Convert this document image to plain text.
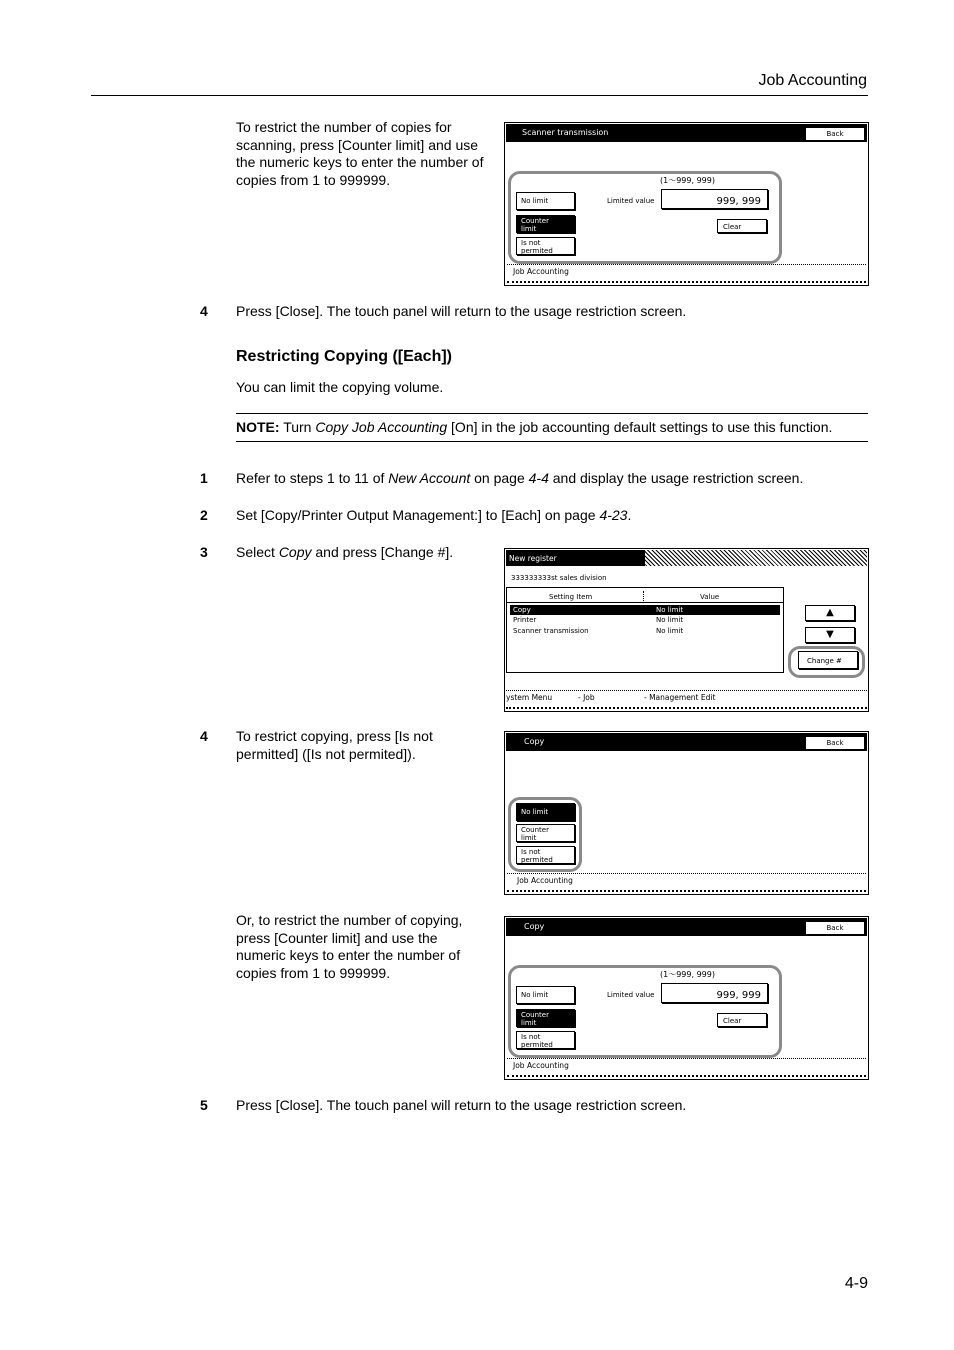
Job Accounting
To restrict the number of copies for scanning, press [Counter limit] and use the numeric keys to enter the number of copies from 1 to 999999.
Scanner transmission	Back
(1～999, 999)
No limit	Limited value	999, 999
Counter
limit	Clear
Is not
permited
Job Accounting
4 Press [Close]. The touch panel will return to the usage restriction screen.
Restricting Copying ([Each])
You can limit the copying volume.
NOTE: Turn Copy Job Accounting [On] in the job accounting default settings to use this function.
1 Refer to steps 1 to 11 of New Account on page 4-4 and display the usage restriction screen.
2 Set [Copy/Printer Output Management:] to [Each] on page 4-23.
3 Select Copy and press [Change #].	New register
333333333st sales division
Setting Item	Value
Copy	No limit
Printer	No limit
Scanner transmission	No limit
▲
▼
Change #
ystem Menu	- Job	- Management Edit
4 To restrict copying, press [Is not permitted] ([Is not permited]).
Copy	Back
No limit
Counter
limit
Is not
permited
Job Accounting
Or, to restrict the number of copying, press [Counter limit] and use the numeric keys to enter the number of copies from 1 to 999999.
Copy	Back
(1～999, 999)
No limit	Limited value	999, 999
Counter
limit	Clear
Is not
permited
Job Accounting
5 Press [Close]. The touch panel will return to the usage restriction screen.
4-9
